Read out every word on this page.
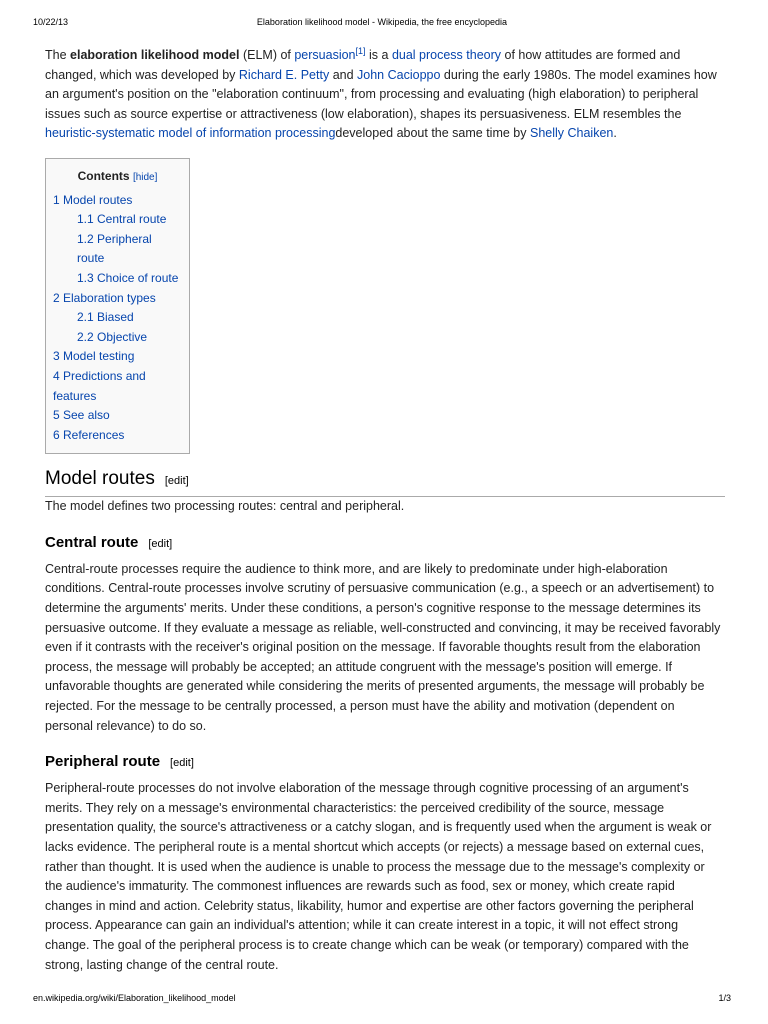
10/22/13	Elaboration likelihood model - Wikipedia, the free encyclopedia

The elaboration likelihood model (ELM) of persuasion[1] is a dual process theory of how attitudes are formed and changed, which was developed by Richard E. Petty and John Cacioppo during the early 1980s. The model examines how an argument's position on the "elaboration continuum", from processing and evaluating (high elaboration) to peripheral issues such as source expertise or attractiveness (low elaboration), shapes its persuasiveness. ELM resembles the heuristic-systematic model of information processingdeveloped about the same time by Shelly Chaiken.

Contents [hide]
1 Model routes
1.1 Central route
1.2 Peripheral route
1.3 Choice of route
2 Elaboration types
2.1 Biased
2.2 Objective
3 Model testing
4 Predictions and features
5 See also
6 References
Model routes [edit]

The model defines two processing routes: central and peripheral.

Central route [edit]

Central-route processes require the audience to think more, and are likely to predominate under high-elaboration conditions. Central-route processes involve scrutiny of persuasive communication (e.g., a speech or an advertisement) to determine the arguments' merits. Under these conditions, a person's cognitive response to the message determines its persuasive outcome. If they evaluate a message as reliable, well-constructed and convincing, it may be received favorably even if it contrasts with the receiver's original position on the message. If favorable thoughts result from the elaboration process, the message will probably be accepted; an attitude congruent with the message's position will emerge. If unfavorable thoughts are generated while considering the merits of presented arguments, the message will probably be rejected. For the message to be centrally processed, a person must have the ability and motivation (dependent on personal relevance) to do so.

Peripheral route [edit]

Peripheral-route processes do not involve elaboration of the message through cognitive processing of an argument's merits. They rely on a message's environmental characteristics: the perceived credibility of the source, message presentation quality, the source's attractiveness or a catchy slogan, and is frequently used when the argument is weak or lacks evidence. The peripheral route is a mental shortcut which accepts (or rejects) a message based on external cues, rather than thought. It is used when the audience is unable to process the message due to the message's complexity or the audience's immaturity. The commonest influences are rewards such as food, sex or money, which create rapid changes in mind and action. Celebrity status, likability, humor and expertise are other factors governing the peripheral process. Appearance can gain an individual's attention; while it can create interest in a topic, it will not effect strong change. The goal of the peripheral process is to create change which can be weak (or temporary) compared with the strong, lasting change of the central route.

en.wikipedia.org/wiki/Elaboration_likelihood_model	1/3
